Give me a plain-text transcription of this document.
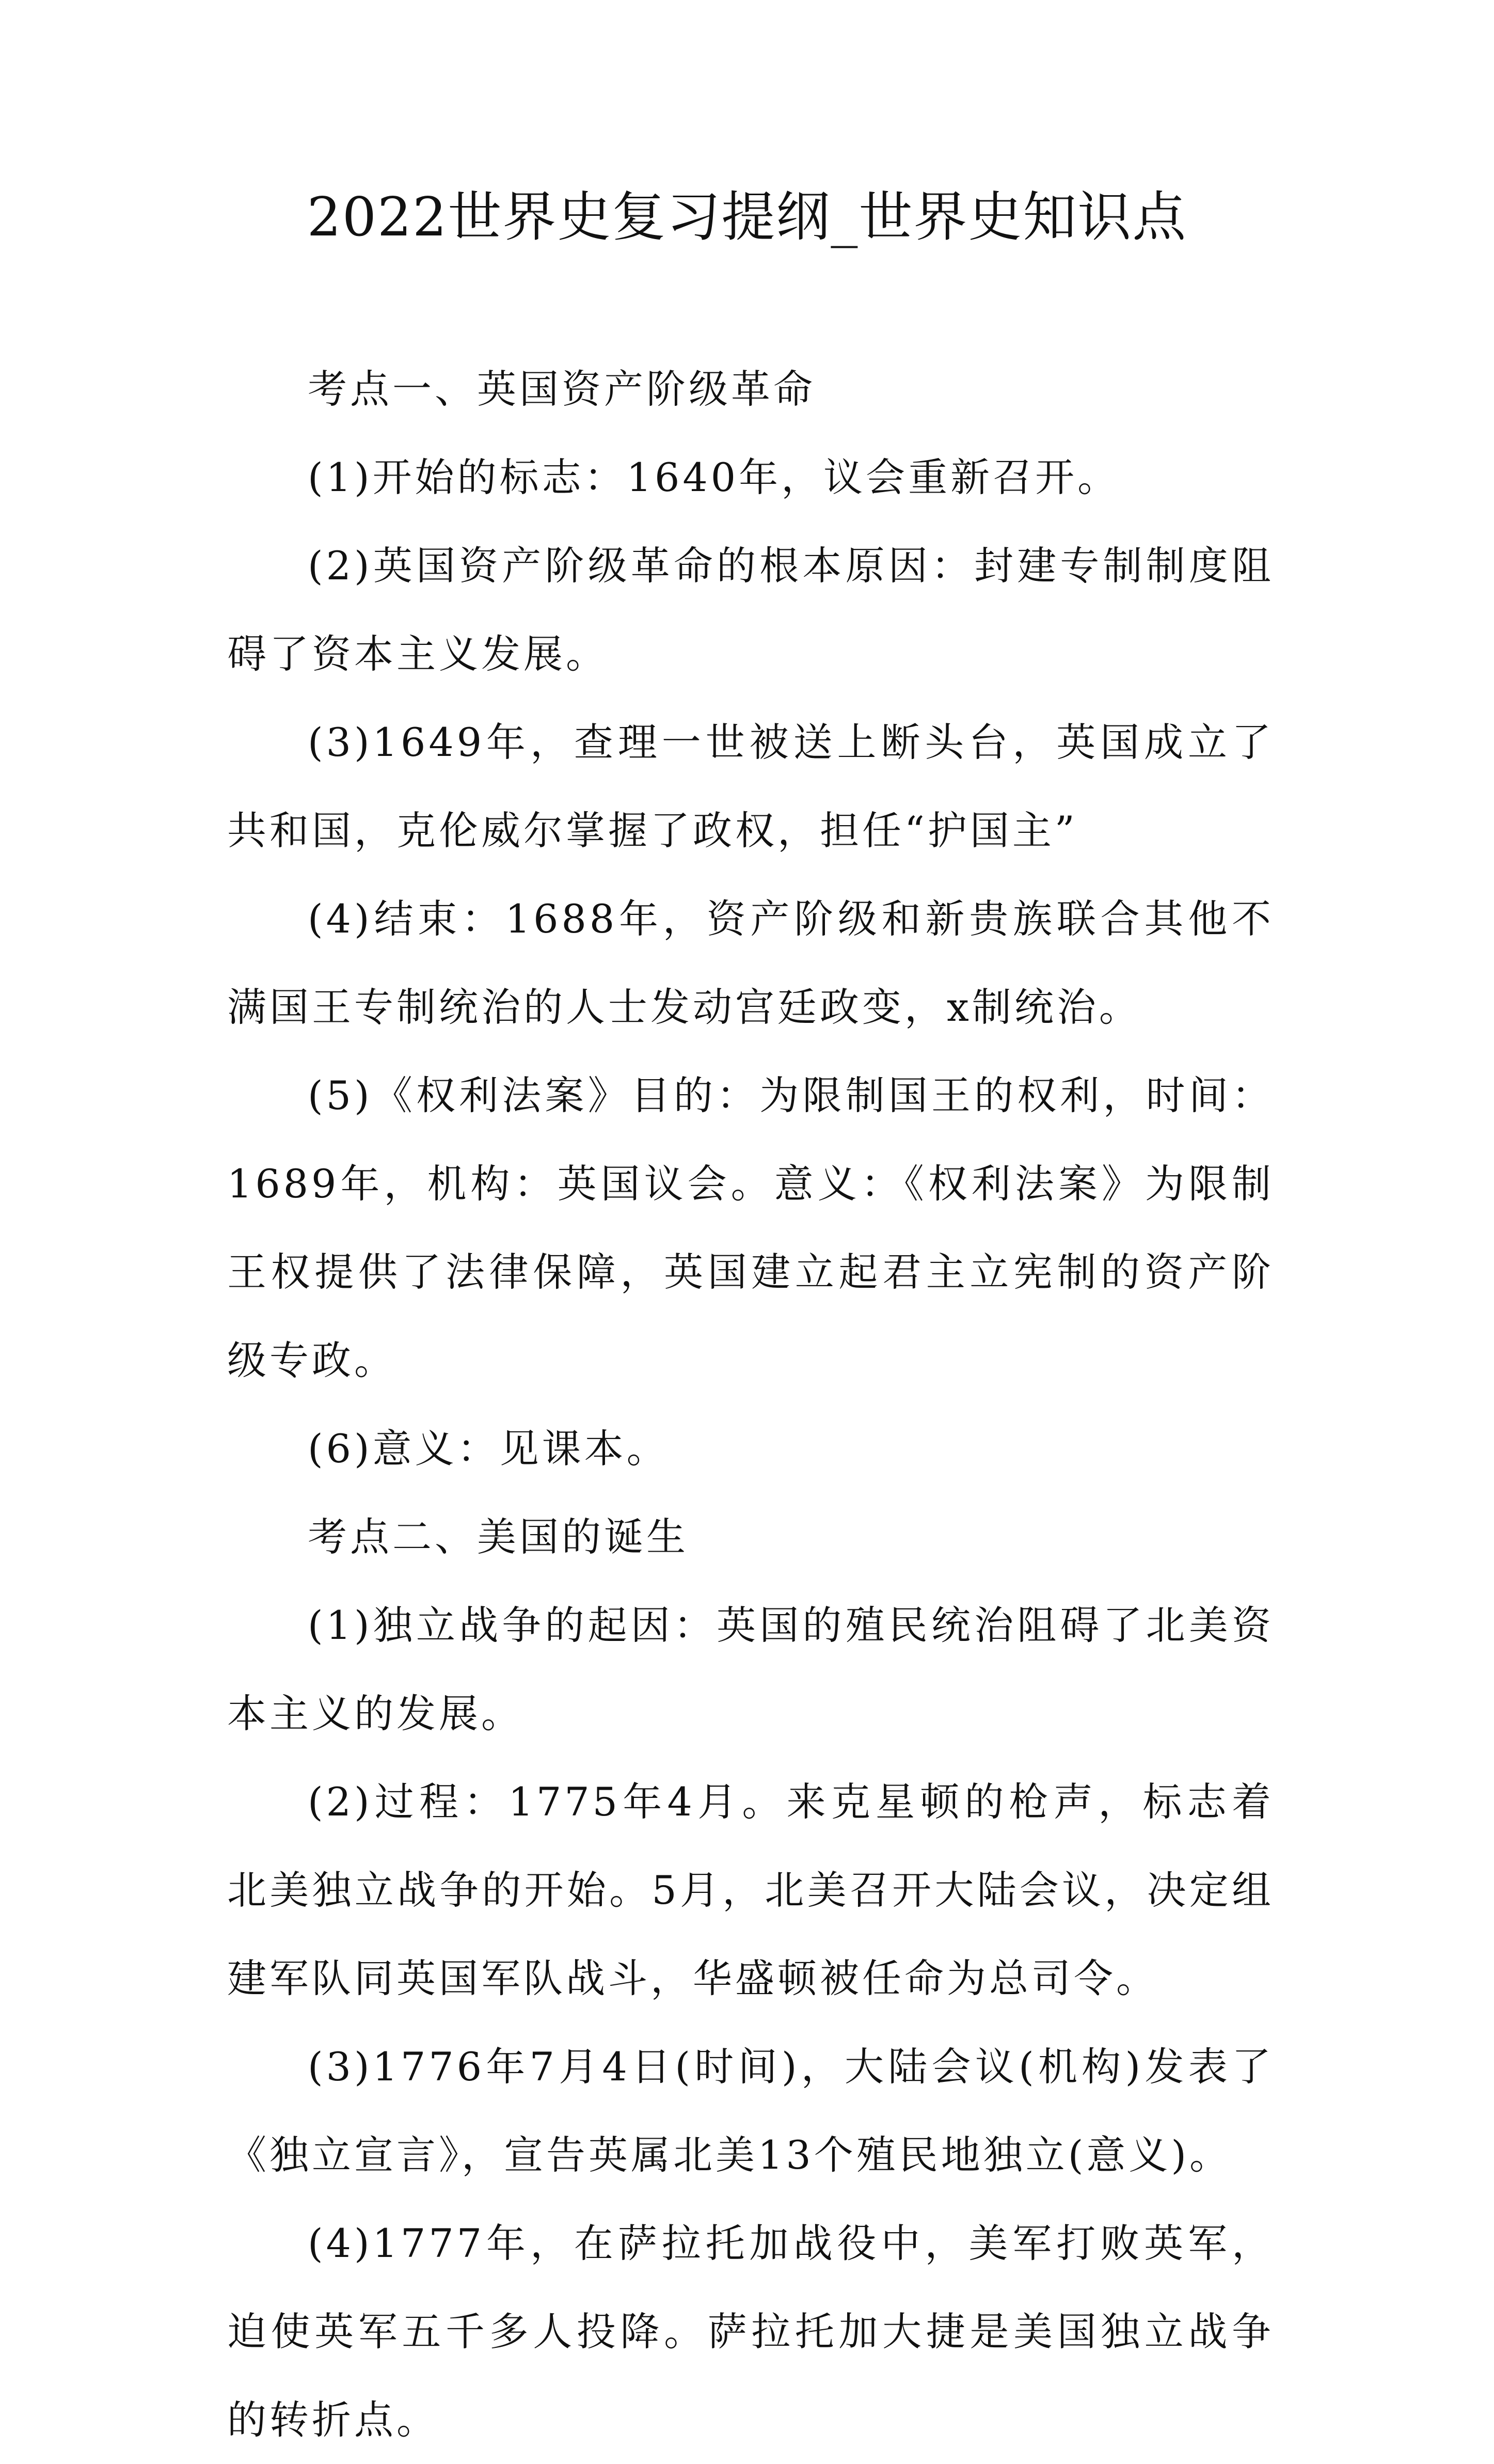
2022世界史复习提纲_世界史知识点

考点一、英国资产阶级革命

(1)开始的标志：1640年，议会重新召开。

(2)英国资产阶级革命的根本原因：封建专制制度阻碍了资本主义发展。

(3)1649年，查理一世被送上断头台，英国成立了共和国，克伦威尔掌握了政权，担任“护国主”

(4)结束：1688年，资产阶级和新贵族联合其他不满国王专制统治的人士发动宫廷政变，x制统治。

(5)《权利法案》目的：为限制国王的权利，时间：1689年，机构：英国议会。意义：《权利法案》为限制王权提供了法律保障，英国建立起君主立宪制的资产阶级专政。

(6)意义：见课本。

考点二、美国的诞生

(1)独立战争的起因：英国的殖民统治阻碍了北美资本主义的发展。

(2)过程：1775年4月。来克星顿的枪声，标志着北美独立战争的开始。5月，北美召开大陆会议，决定组建军队同英国军队战斗，华盛顿被任命为总司令。

(3)1776年7月4日(时间)，大陆会议(机构)发表了《独立宣言》，宣告英属北美13个殖民地独立(意义)。

(4)1777年，在萨拉托加战役中，美军打败英军，迫使英军五千多人投降。萨拉托加大捷是美国独立战争的转折点。
